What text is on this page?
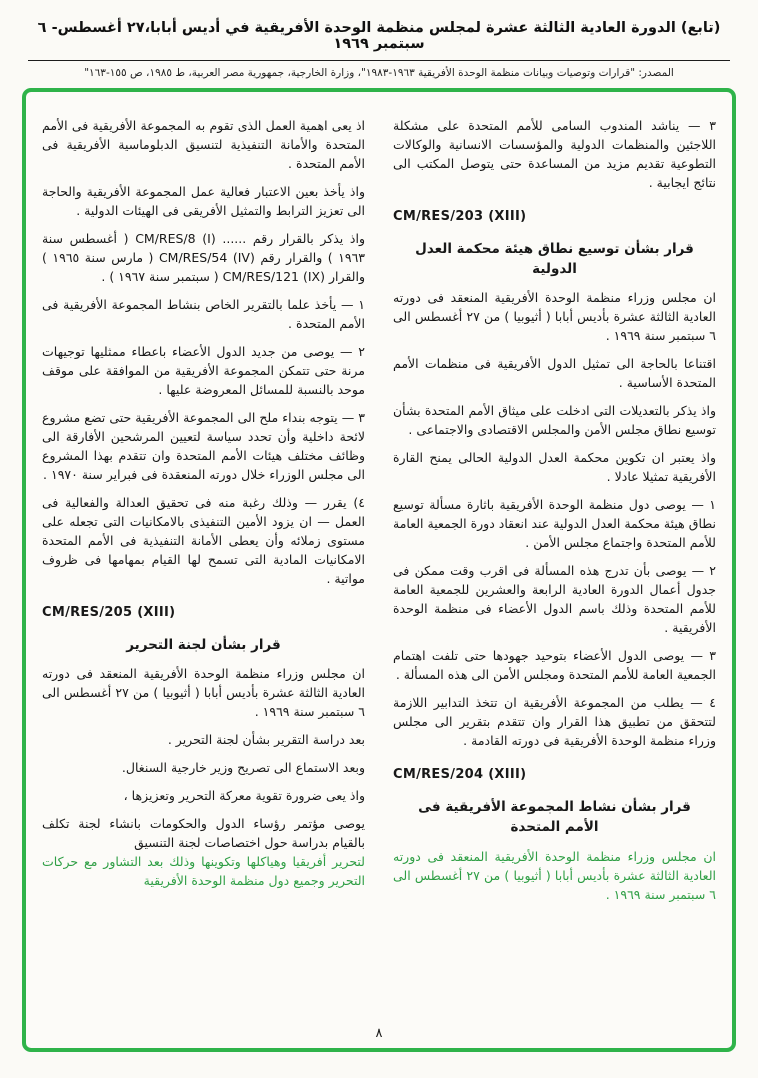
(تابع) الدورة العادية الثالثة عشرة لمجلس منظمة الوحدة الأفريقية في أديس أبابا،٢٧ أغسطس- ٦ سبتمبر ١٩٦٩
المصدر: "قرارات وتوصيات وبيانات منظمة الوحدة الأفريقية ١٩٦٣-١٩٨٣"، وزارة الخارجية، جمهورية مصر العربية، ط ١٩٨٥، ص ١٥٥-١٦٣"
٣ — يناشد المندوب السامى للأمم المتحدة على مشكلة اللاجئين والمنظمات الدولية والمؤسسات الانسانية والوكالات التطوعية تقديم مزيد من المساعدة حتى يتوصل المكتب الى نتائج ايجابية .
CM/RES/203 (XIII)
قرار بشأن توسيع نطاق هيئة محكمة العدل الدولية
ان مجلس وزراء منظمة الوحدة الأفريقية المنعقد فى دورته العادية الثالثة عشرة بأديس أبابا ( أثيوبيا ) من ٢٧ أغسطس الى ٦ سبتمبر سنة ١٩٦٩ .
اقتناعا بالحاجة الى تمثيل الدول الأفريقية فى منظمات الأمم المتحدة الأساسية .
واذ يذكر بالتعديلات التى ادخلت على ميثاق الأمم المتحدة بشأن توسيع نطاق مجلس الأمن والمجلس الاقتصادى والاجتماعى .
واذ يعتبر ان تكوين محكمة العدل الدولية الحالى يمنح القارة الأفريقية تمثيلا عادلا .
١ — يوصى دول منظمة الوحدة الأفريقية باثارة مسألة توسيع نطاق هيئة محكمة العدل الدولية عند انعقاد دورة الجمعية العامة للأمم المتحدة واجتماع مجلس الأمن .
٢ — يوصى بأن تدرج هذه المسألة فى اقرب وقت ممكن فى جدول أعمال الدورة العادية الرابعة والعشرين للجمعية العامة للأمم المتحدة وذلك باسم الدول الأعضاء فى منظمة الوحدة الأفريقية .
٣ — يوصى الدول الأعضاء بتوحيد جهودها حتى تلفت اهتمام الجمعية العامة للأمم المتحدة ومجلس الأمن الى هذه المسألة .
٤ — يطلب من المجموعة الأفريقية ان تتخذ التدابير اللازمة لتتحقق من تطبيق هذا القرار وان تتقدم بتقرير الى مجلس وزراء منظمة الوحدة الأفريقية فى دورته القادمة .
CM/RES/204 (XIII)
قرار بشأن نشاط المجموعة الأفريقية فى الأمم المتحدة
ان مجلس وزراء منظمة الوحدة الأفريقية المنعقد فى دورته العادية الثالثة عشرة بأديس أبابا ( أثيوبيا ) من ٢٧ أغسطس الى ٦ سبتمبر سنة ١٩٦٩ .
اذ يعى اهمية العمل الذى تقوم به المجموعة الأفريقية فى الأمم المتحدة والأمانة التنفيذية لتنسيق الدبلوماسية الأفريقية فى الأمم المتحدة .
واذ يأخذ بعين الاعتبار فعالية عمل المجموعة الأفريقية والحاجة الى تعزيز الترابط والتمثيل الأفريقى فى الهيئات الدولية .
واذ يذكر بالقرار رقم ...... CM/RES/8 (I) ( أغسطس سنة ١٩٦٣ ) والقرار رقم CM/RES/54 (IV) ( مارس سنة ١٩٦٥ ) والقرار CM/RES/121 (IX) ( سبتمبر سنة ١٩٦٧ ) .
١ — يأخذ علما بالتقرير الخاص بنشاط المجموعة الأفريقية فى الأمم المتحدة .
٢ — يوصى من جديد الدول الأعضاء باعطاء ممثليها توجيهات مرنة حتى تتمكن المجموعة الأفريقية من الموافقة على موقف موحد بالنسبة للمسائل المعروضة عليها .
٣ — يتوجه بنداء ملح الى المجموعة الأفريقية حتى تضع مشروع لائحة داخلية وأن تحدد سياسة لتعيين المرشحين الأفارقة الى وظائف مختلف هيئات الأمم المتحدة وان تتقدم بهذا المشروع الى مجلس الوزراء خلال دورته المنعقدة فى فبراير سنة ١٩٧٠ .
٤) يقرر — وذلك رغبة منه فى تحقيق العدالة والفعالية فى العمل — ان يزود الأمين التنفيذى بالامكانيات التى تجعله على مستوى زملائه وأن يعطى الأمانة التنفيذية فى الأمم المتحدة الامكانيات المادية التى تسمح لها القيام بمهامها فى ظروف مواتية .
CM/RES/205 (XIII)
قرار بشأن لجنة التحرير
ان مجلس وزراء منظمة الوحدة الأفريقية المنعقد فى دورته العادية الثالثة عشرة بأديس أبابا ( أثيوبيا ) من ٢٧ أغسطس الى ٦ سبتمبر سنة ١٩٦٩ .
بعد دراسة التقرير بشأن لجنة التحرير .
وبعد الاستماع الى تصريح وزير خارجية السنغال.
واذ يعى ضرورة تقوية معركة التحرير وتعزيزها ،
يوصى مؤتمر رؤساء الدول والحكومات بانشاء لجنة تكلف بالقيام بدراسة حول اختصاصات لجنة التنسيق
لتحرير أفريقيا وهياكلها وتكوينها وذلك بعد التشاور مع حركات التحرير وجميع دول منظمة الوحدة الأفريقية
٨
